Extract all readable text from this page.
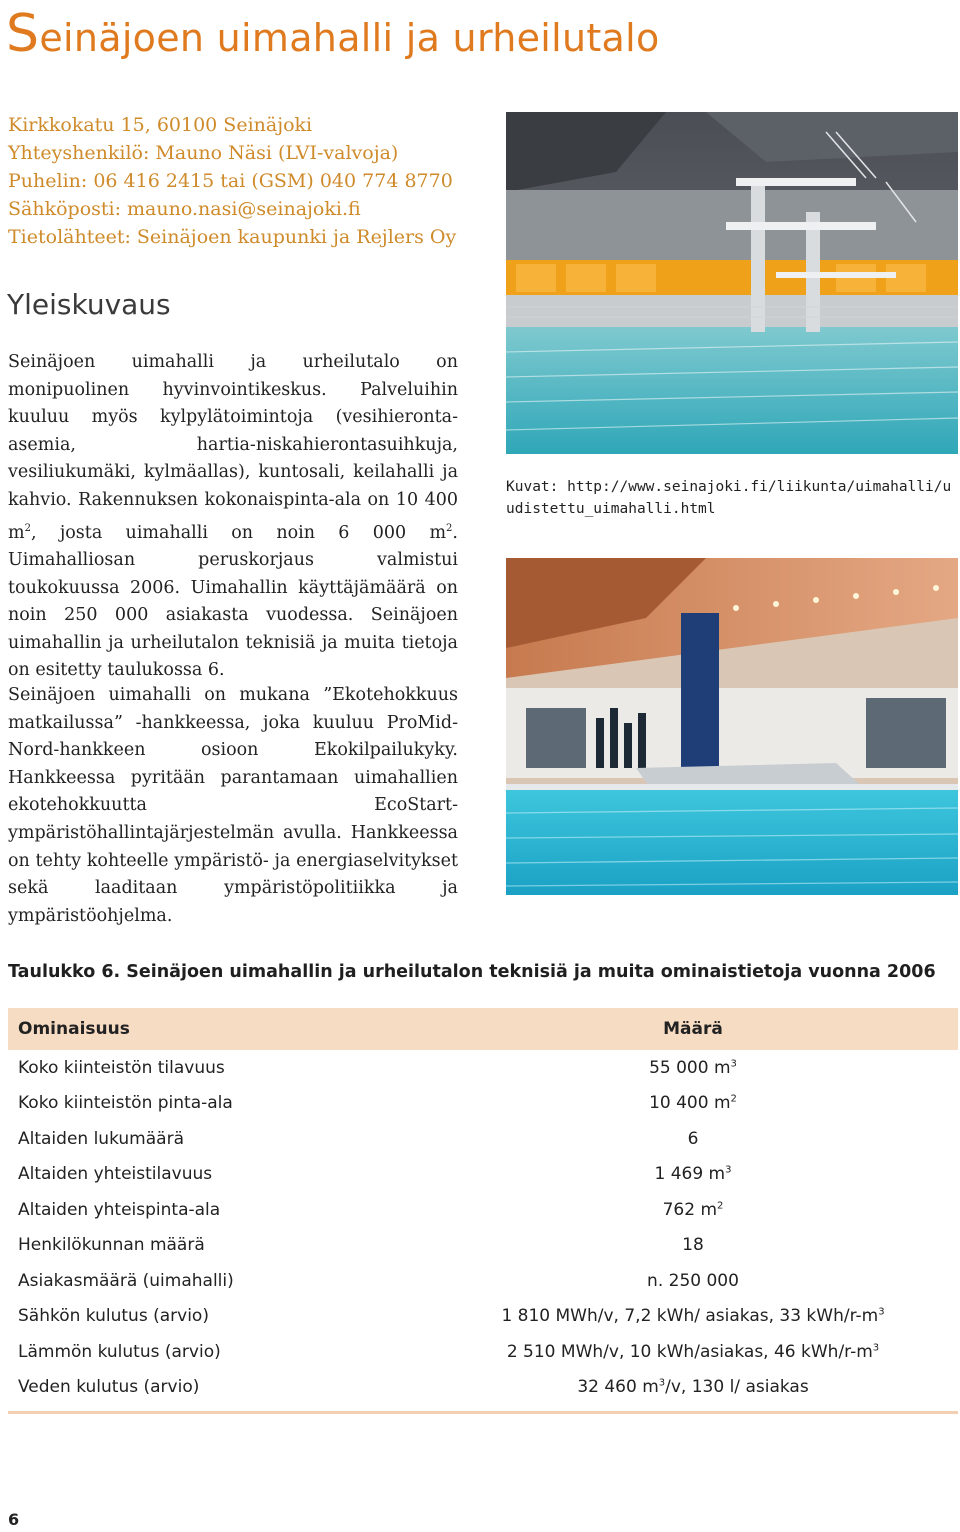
Seinäjoen uimahalli ja urheilutalo
Kirkkokatu 15, 60100 Seinäjoki
Yhteyshenkilö: Mauno Näsi (LVI-valvoja)
Puhelin: 06 416 2415 tai (GSM) 040 774 8770
Sähköposti: mauno.nasi@seinajoki.fi
Tietolähteet: Seinäjoen kaupunki ja Rejlers Oy
Yleiskuvaus

Seinäjoen uimahalli ja urheilutalo on monipuolinen hyvinvointikeskus. Palveluihin kuuluu myös kylpylätoimintoja (vesihieronta-asemia, hartia-niskahierontasuihkuja, vesiliukumäki, kylmäallas), kuntosali, keilahalli ja kahvio. Rakennuksen kokonaispinta-ala on 10 400 $m^2$, josta uimahalli on noin 6 000 $m^2$. Uimahalliosan peruskorjaus valmistui toukokuussa 2006. Uimahallin käyttäjämäärä on noin 250 000 asiakasta vuodessa. Seinäjoen uimahallin ja urheilutalon teknisiä ja muita tietoja on esitetty taulukossa 6.

Seinäjoen uimahalli on mukana ”Ekotehokkuus matkailussa” -hankkeessa, joka kuuluu ProMid-Nord-hankkeen osioon Ekokilpailukyky. Hankkeessa pyritään parantamaan uimahallien ekotehokkuutta EcoStart-ympäristöhallintajärjestelmän avulla. Hankkeessa on tehty kohteelle ympäristö- ja energiaselvitykset sekä laaditaan ympäristöpolitiikka ja ympäristöohjelma.

Kuvat: http://www.seinajoki.fi/liikunta/uimahalli/uudistettu_uimahalli.html

Taulukko 6. Seinäjoen uimahallin ja urheilutalon teknisiä ja muita ominaistietoja vuonna 2006
Ominaisuus	Määrä
Koko kiinteistön tilavuus	55 000 $m^3$
Koko kiinteistön pinta-ala	10 400 $m^2$
Altaiden lukumäärä	6
Altaiden yhteistilavuus	1 469 $m^3$
Altaiden yhteispinta-ala	762 $m^2$
Henkilökunnan määrä	18
Asiakasmäärä (uimahalli)	n. 250 000
Sähkön kulutus (arvio)	1 810 MWh/v, 7,2 kWh/ asiakas, 33 kWh/$r-m^3$
Lämmön kulutus (arvio)	2 510 MWh/v, 10 kWh/asiakas, 46 kWh/$r-m^3$
Veden kulutus (arvio)	32 460 $m^3/v$, 130 l/ asiakas
6
